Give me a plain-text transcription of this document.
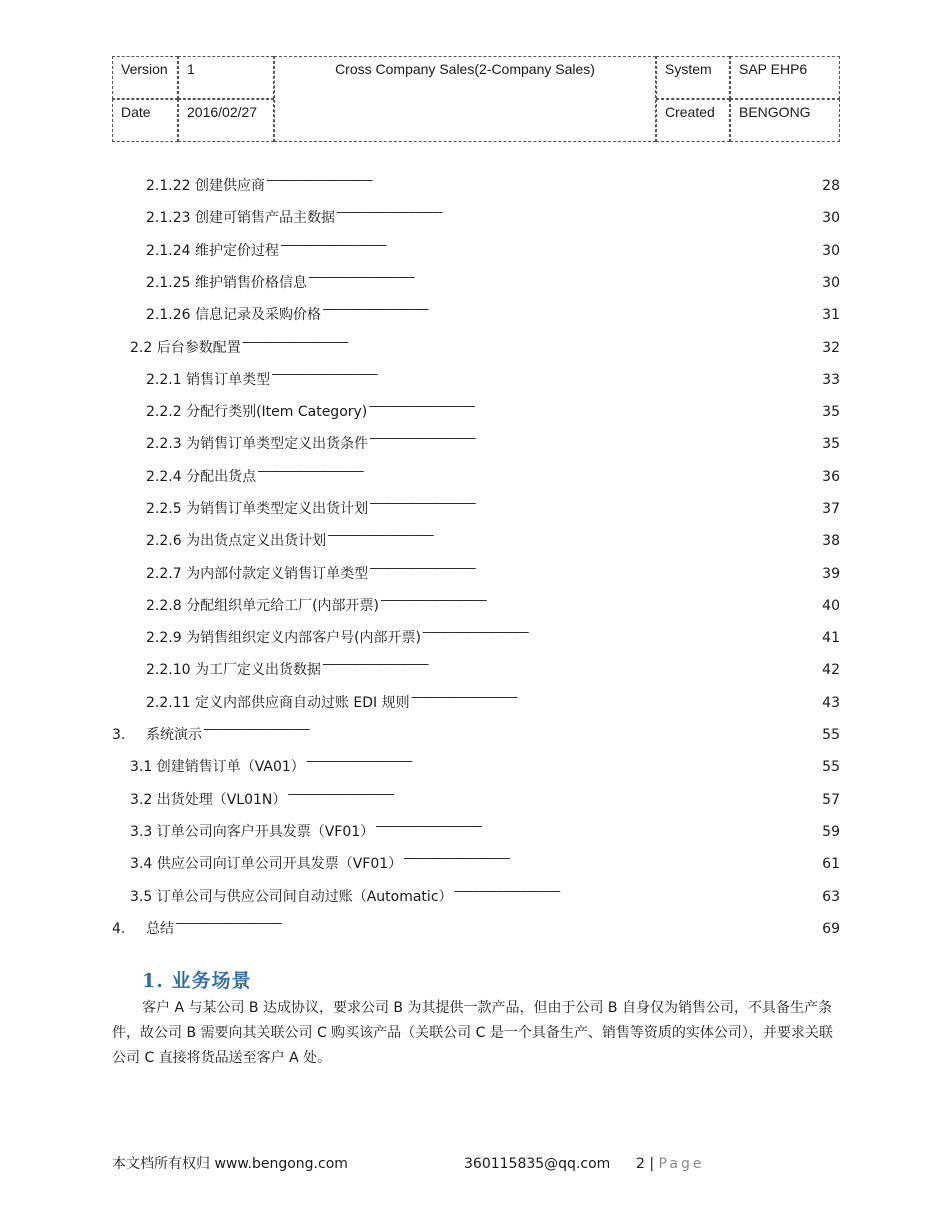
Version	1	Cross Company Sales(2-Company Sales)	System	SAP EHP6
Date	2016/02/27	Created	BENGONG
2.1.22 创建供应商 . . .	28
2.1.23 创建可销售产品主数据 . . .	30
2.1.24 维护定价过程 . . .	30
2.1.25 维护销售价格信息 . . .	30
2.1.26 信息记录及采购价格 . . .	31
2.2 后台参数配置 . . .	32
2.2.1 销售订单类型 . . .	33
2.2.2 分配行类别(Item Category) . . .	35
2.2.3 为销售订单类型定义出货条件 . . .	35
2.2.4 分配出货点 . . .	36
2.2.5 为销售订单类型定义出货计划 . . .	37
2.2.6 为出货点定义出货计划 . . .	38
2.2.7 为内部付款定义销售订单类型 . . .	39
2.2.8 分配组织单元给工厂(内部开票) . . .	40
2.2.9 为销售组织定义内部客户号(内部开票) . . .	41
2.2.10 为工厂定义出货数据 . . .	42
2.2.11 定义内部供应商自动过账 EDI 规则 . . .	43
3.	系统演示 . . .	55
3.1 创建销售订单（VA01） . . .	55
3.2 出货处理（VL01N） . . .	57
3.3 订单公司向客户开具发票（VF01） . . .	59
3.4 供应公司向订单公司开具发票（VF01） . . .	61
3.5 订单公司与供应公司间自动过账（Automatic） . . .	63
4.	总结 . . .	69
1. 业务场景
客户 A 与某公司 B 达成协议，要求公司 B 为其提供一款产品，但由于公司 B 自身仅为销售公司，不具备生产条件，故公司 B 需要向其关联公司 C 购买该产品（关联公司 C 是一个具备生产、销售等资质的实体公司），并要求关联公司 C 直接将货品送至客户 A 处。
本文档所有权归 www.bengong.com	360115835@qq.com 2 | Page
